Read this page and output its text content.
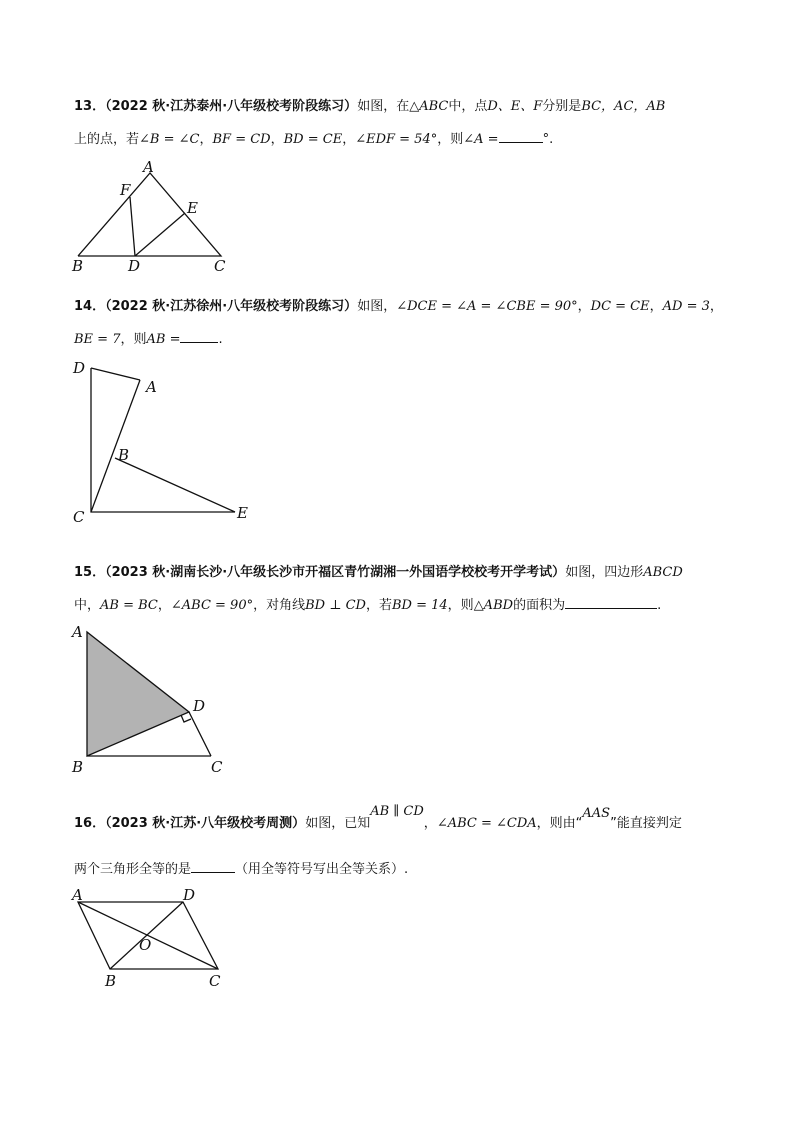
13．（2022 秋·江苏泰州·八年级校考阶段练习）如图，在△ABC中，点D、E、F分别是BC，AC，AB
上的点，若∠B = ∠C，BF = CD，BD = CE，∠EDF = 54°，则∠A =	°.
A
B	C
D
E
F
14．（2022 秋·江苏徐州·八年级校考阶段练习）如图，∠DCE = ∠A = ∠CBE = 90°，DC = CE，AD = 3，
BE = 7，则AB =	.
D
A
B
C	E
15．（2023 秋·湖南长沙·八年级长沙市开福区青竹湖湘一外国语学校校考开学考试）如图，四边形ABCD
中，AB = BC，∠ABC = 90°，对角线BD ⊥ CD，若BD = 14，则△ABD的面积为	.
A
B	C
D
16．（2023 秋·江苏·八年级校考周测）如图，已知AB ∥ CD，∠ABC = ∠CDA，则由“AAS”能直接判定
两个三角形全等的是	（用全等符号写出全等关系）.
A	D
O
B	C
